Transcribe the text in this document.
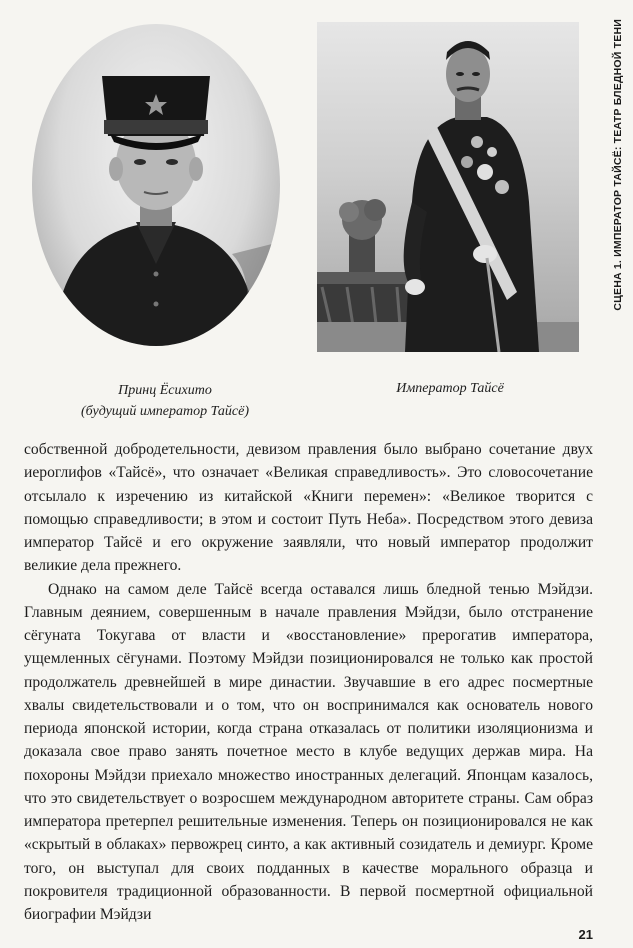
СЦЕНА 1. ИМПЕРАТОР ТАЙСЁ: ТЕАТР БЛЕДНОЙ ТЕНИ
Принц Ёсихито
(будущий император Тайсё)
Император Тайсё

собственной добродетельности, девизом правления было выбрано сочетание двух иероглифов «Тайсё», что означает «Великая справедливость». Это словосочетание отсылало к изречению из китайской «Книги перемен»: «Великое творится с помощью справедливости; в этом и состоит Путь Неба». Посредством этого девиза император Тайсё и его окружение заявляли, что новый император продолжит великие дела прежнего.

Однако на самом деле Тайсё всегда оставался лишь бледной тенью Мэйдзи. Главным деянием, совершенным в начале правления Мэйдзи, было отстранение сёгуната Токугава от власти и «восстановление» прерогатив императора, ущемленных сёгунами. Поэтому Мэйдзи позиционировался не только как простой продолжатель древнейшей в мире династии. Звучавшие в его адрес посмертные хвалы свидетельствовали и о том, что он воспринимался как основатель нового периода японской истории, когда страна отказалась от политики изоляционизма и доказала свое право занять почетное место в клубе ведущих держав мира. На похороны Мэйдзи приехало множество иностранных делегаций. Японцам казалось, что это свидетельствует о возросшем международном авторитете страны. Сам образ императора претерпел решительные изменения. Теперь он позиционировался не как «скрытый в облаках» первожрец синто, а как активный созидатель и демиург. Кроме того, он выступал для своих подданных в качестве морального образца и покровителя традиционной образованности. В первой посмертной официальной биографии Мэйдзи

21
